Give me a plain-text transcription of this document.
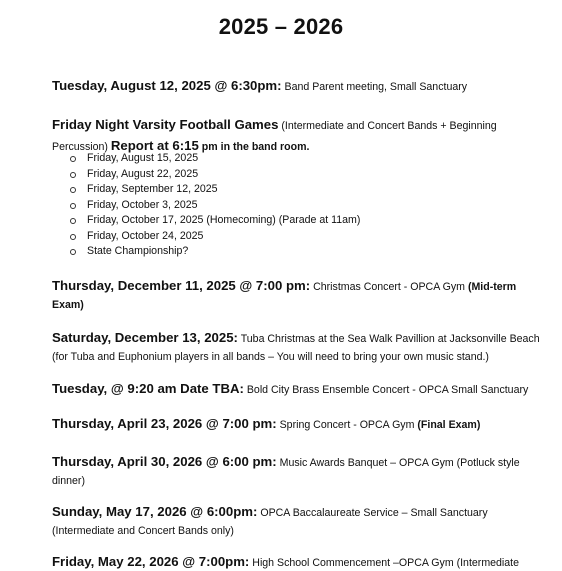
2025 – 2026
Tuesday, August 12, 2025 @ 6:30pm: Band Parent meeting, Small Sanctuary
Friday Night Varsity Football Games (Intermediate and Concert Bands + Beginning Percussion) Report at 6:15 pm in the band room.
Friday, August 15, 2025
Friday, August 22, 2025
Friday, September 12, 2025
Friday, October 3, 2025
Friday, October 17, 2025 (Homecoming) (Parade at 11am)
Friday, October 24, 2025
State Championship?
Thursday, December 11, 2025 @ 7:00 pm: Christmas Concert - OPCA Gym (Mid-term Exam)
Saturday, December 13, 2025: Tuba Christmas at the Sea Walk Pavillion at Jacksonville Beach (for Tuba and Euphonium players in all bands – You will need to bring your own music stand.)
Tuesday, @ 9:20 am Date TBA: Bold City Brass Ensemble Concert - OPCA Small Sanctuary
Thursday, April 23, 2026 @ 7:00 pm: Spring Concert - OPCA Gym (Final Exam)
Thursday, April 30, 2026 @ 6:00 pm: Music Awards Banquet – OPCA Gym (Potluck style dinner)
Sunday, May 17, 2026 @ 6:00pm: OPCA Baccalaureate Service – Small Sanctuary (Intermediate and Concert Bands only)
Friday, May 22, 2026 @ 7:00pm: High School Commencement –OPCA Gym (Intermediate
